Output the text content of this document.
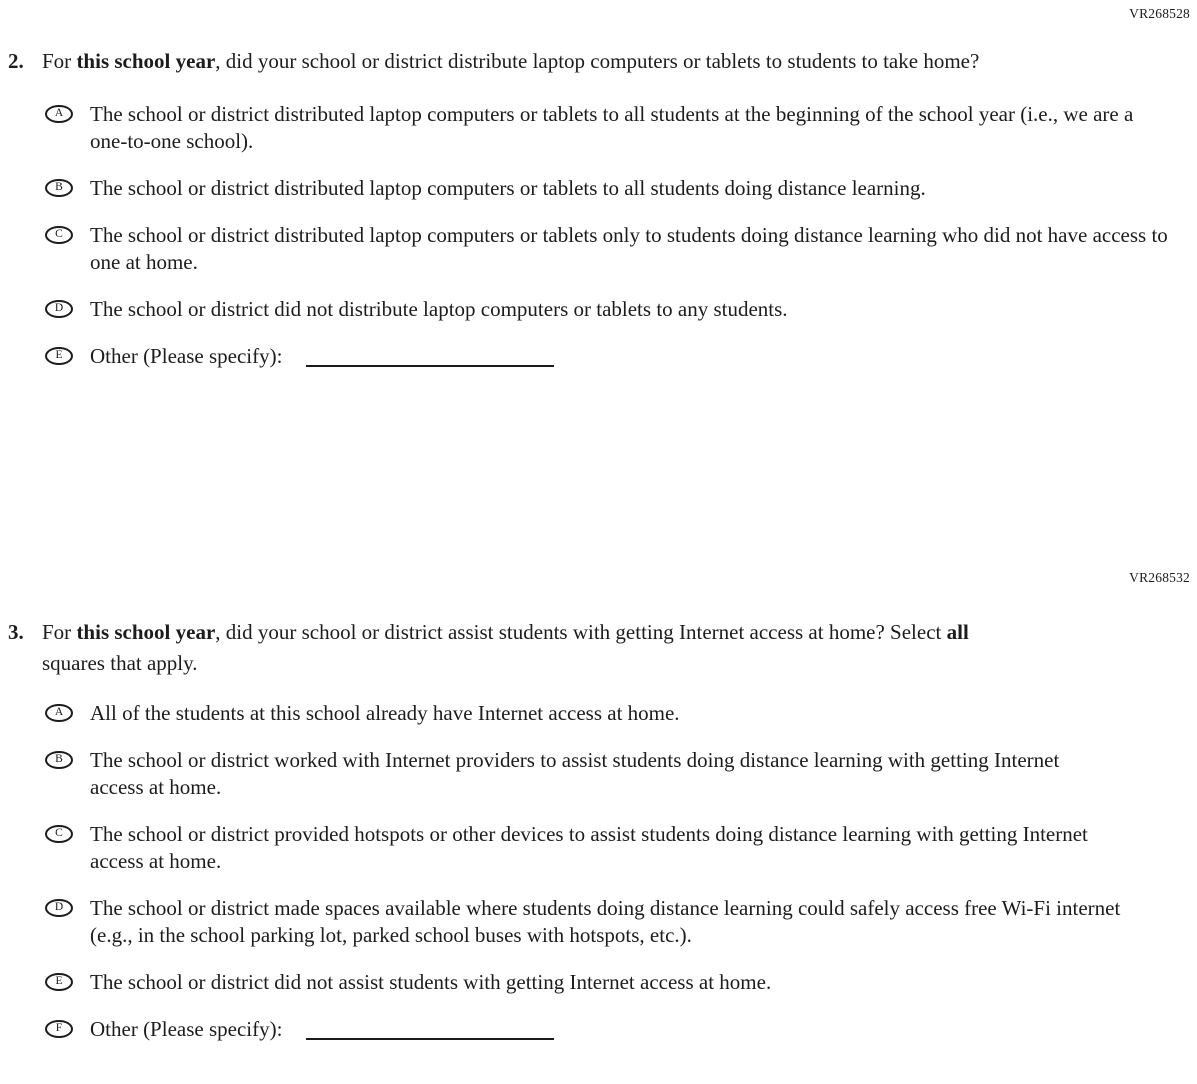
VR268528
VR268532
2. For this school year, did your school or district distribute laptop computers or tablets to students to take home?
A	The school or district distributed laptop computers or tablets to all students at the beginning of the school year (i.e., we are a one-to-one school).
B	The school or district distributed laptop computers or tablets to all students doing distance learning.
C	The school or district distributed laptop computers or tablets only to students doing distance learning who did not have access to one at home.
D	The school or district did not distribute laptop computers or tablets to any students.
E	Other (Please specify):
3. For this school year, did your school or district assist students with getting Internet access at home? Select all squares that apply.
A	All of the students at this school already have Internet access at home.
B	The school or district worked with Internet providers to assist students doing distance learning with getting Internet access at home.
C	The school or district provided hotspots or other devices to assist students doing distance learning with getting Internet access at home.
D	The school or district made spaces available where students doing distance learning could safely access free Wi-Fi internet (e.g., in the school parking lot, parked school buses with hotspots, etc.).
E	The school or district did not assist students with getting Internet access at home.
F	Other (Please specify):
